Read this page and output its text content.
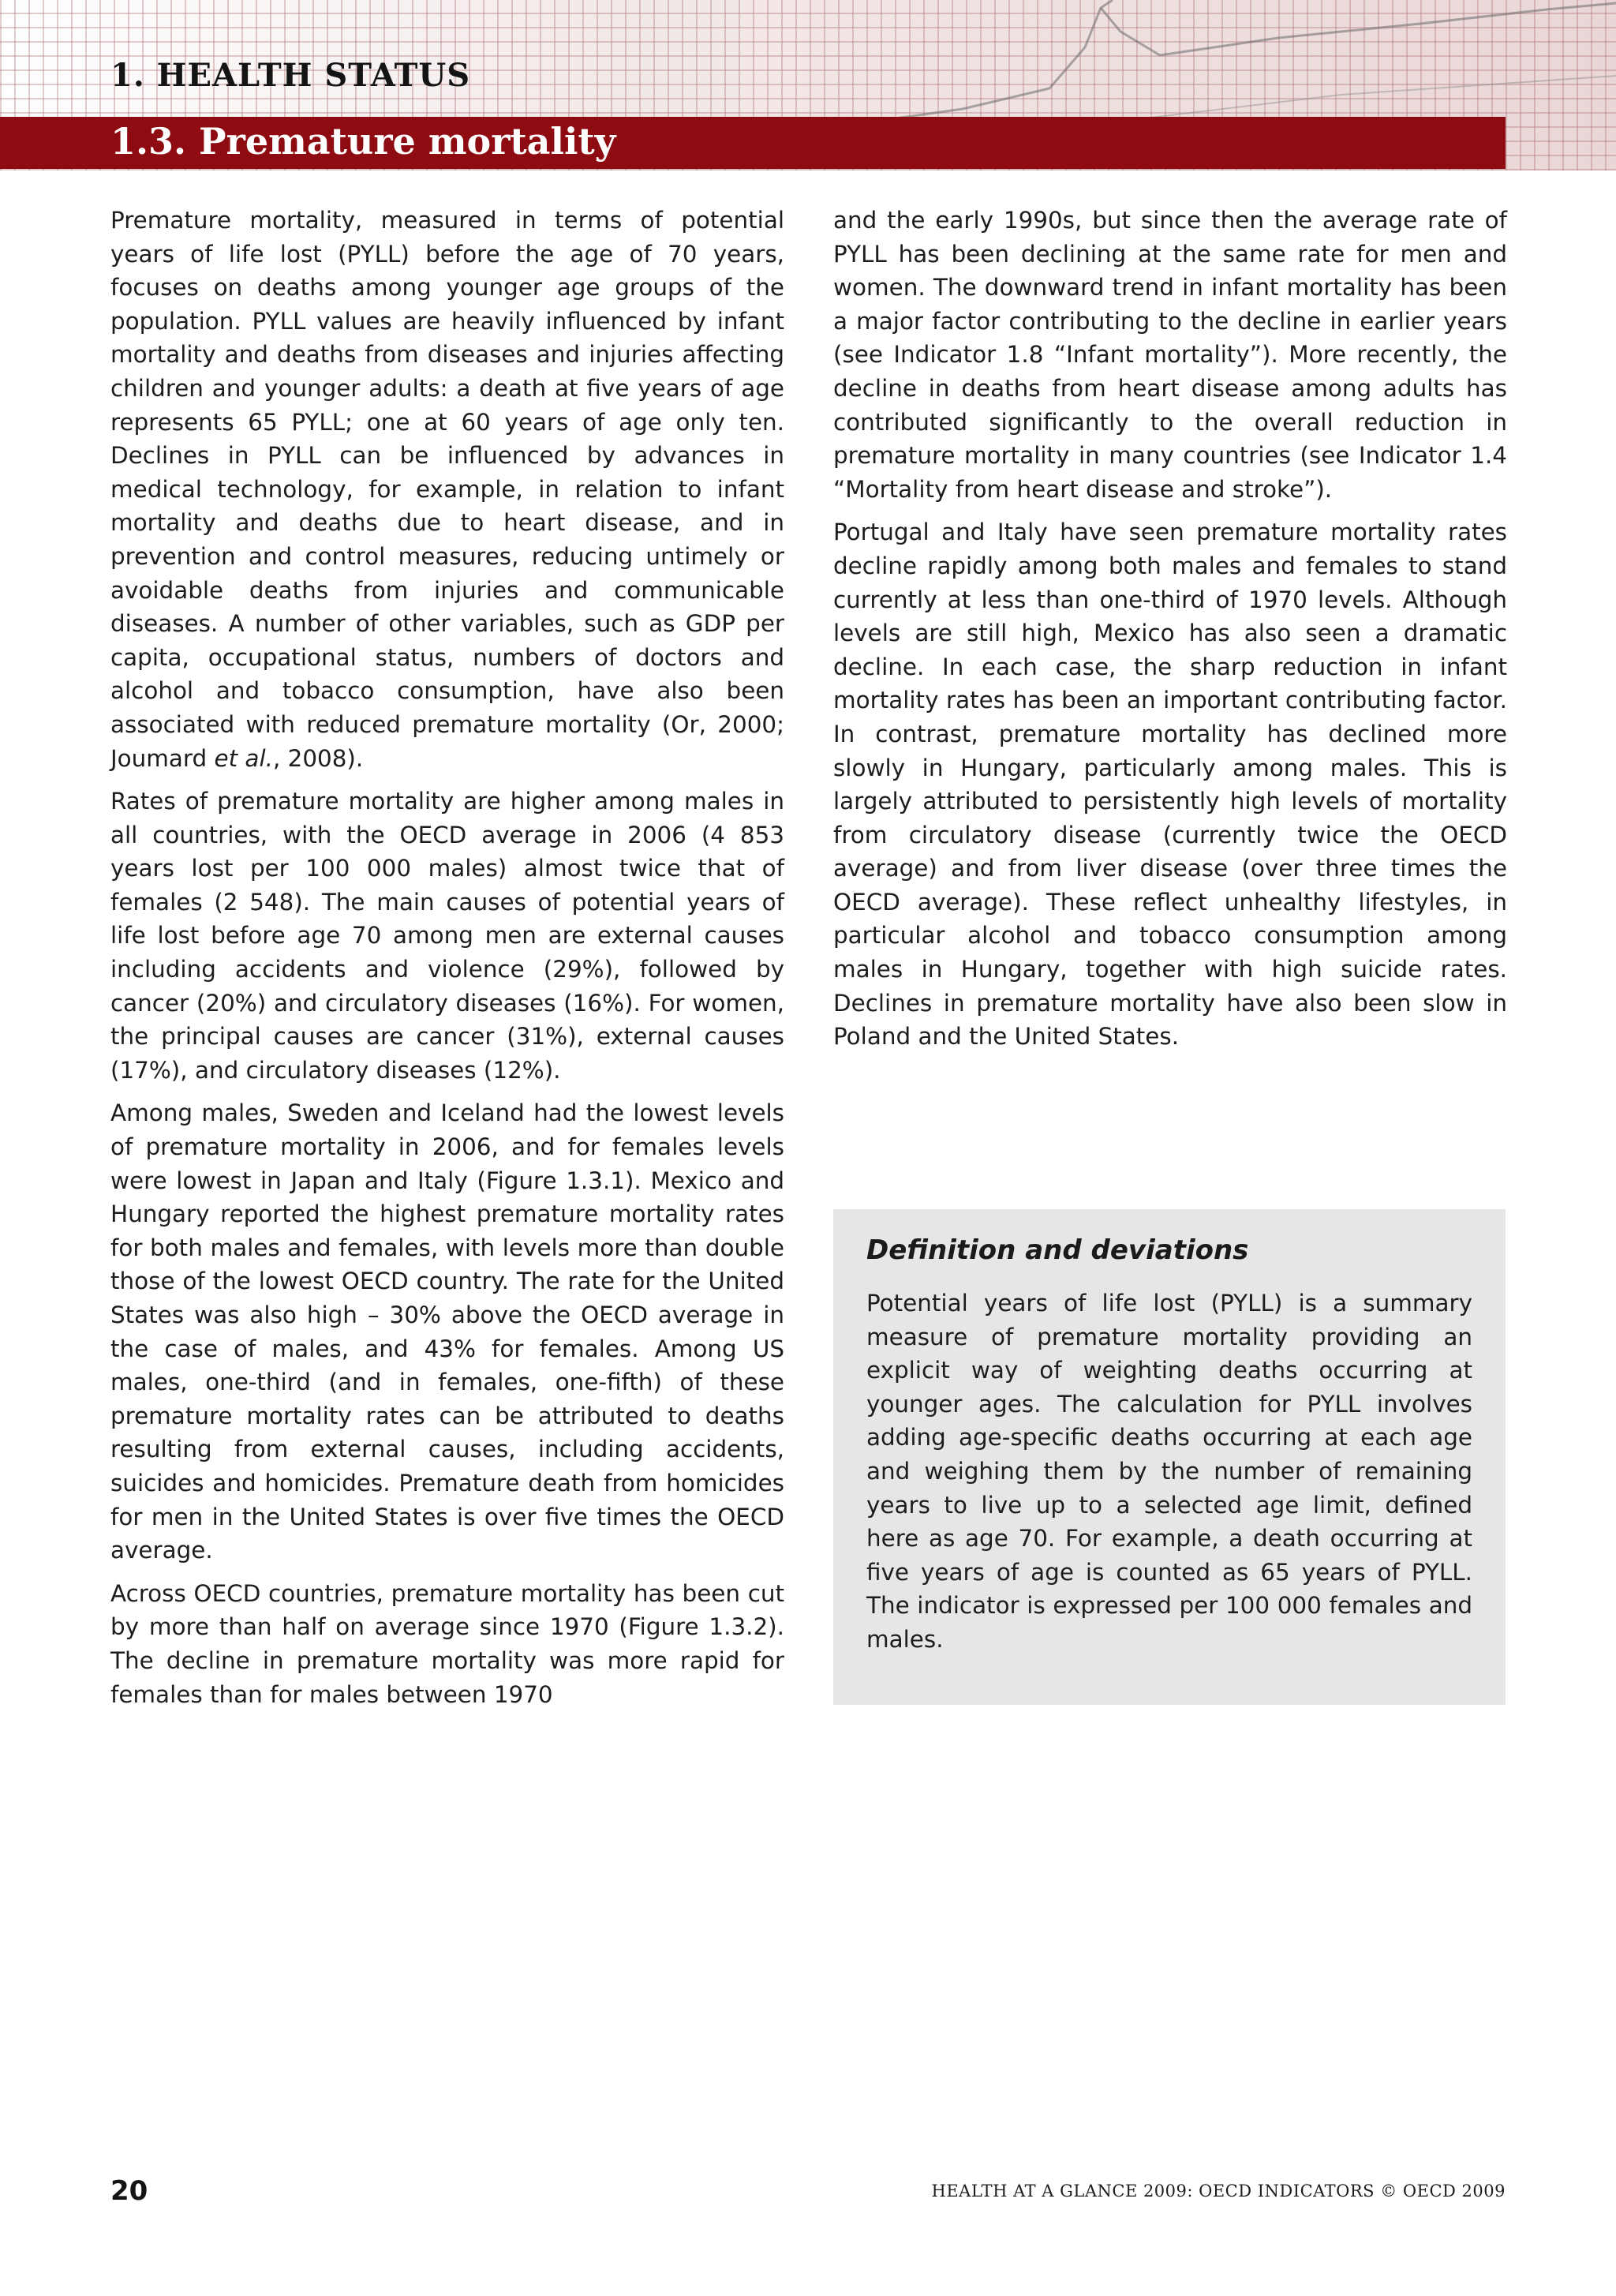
1. HEALTH STATUS
1.3. Premature mortality

Premature mortality, measured in terms of potential years of life lost (PYLL) before the age of 70 years, focuses on deaths among younger age groups of the population. PYLL values are heavily influenced by infant mortality and deaths from diseases and injuries affecting children and younger adults: a death at five years of age represents 65 PYLL; one at 60 years of age only ten. Declines in PYLL can be influenced by advances in medical technology, for example, in relation to infant mortality and deaths due to heart disease, and in prevention and control measures, reducing untimely or avoidable deaths from injuries and communicable diseases. A number of other variables, such as GDP per capita, occupational status, numbers of doctors and alcohol and tobacco consumption, have also been associated with reduced premature mortality (Or, 2000; Joumard et al., 2008).

Rates of premature mortality are higher among males in all countries, with the OECD average in 2006 (4 853 years lost per 100 000 males) almost twice that of females (2 548). The main causes of potential years of life lost before age 70 among men are external causes including accidents and violence (29%), followed by cancer (20%) and circulatory diseases (16%). For women, the principal causes are cancer (31%), external causes (17%), and circulatory diseases (12%).

Among males, Sweden and Iceland had the lowest levels of premature mortality in 2006, and for females levels were lowest in Japan and Italy (Figure 1.3.1). Mexico and Hungary reported the highest premature mortality rates for both males and females, with levels more than double those of the lowest OECD country. The rate for the United States was also high – 30% above the OECD average in the case of males, and 43% for females. Among US males, one-third (and in females, one-fifth) of these premature mortality rates can be attributed to deaths resulting from external causes, including accidents, suicides and homicides. Premature death from homicides for men in the United States is over five times the OECD average.

Across OECD countries, premature mortality has been cut by more than half on average since 1970 (Figure 1.3.2). The decline in premature mortality was more rapid for females than for males between 1970

and the early 1990s, but since then the average rate of PYLL has been declining at the same rate for men and women. The downward trend in infant mortality has been a major factor contributing to the decline in earlier years (see Indicator 1.8 “Infant mortality”). More recently, the decline in deaths from heart disease among adults has contributed significantly to the overall reduction in premature mortality in many countries (see Indicator 1.4 “Mortality from heart disease and stroke”).

Portugal and Italy have seen premature mortality rates decline rapidly among both males and females to stand currently at less than one-third of 1970 levels. Although levels are still high, Mexico has also seen a dramatic decline. In each case, the sharp reduction in infant mortality rates has been an important contributing factor. In contrast, premature mortality has declined more slowly in Hungary, particularly among males. This is largely attributed to persistently high levels of mortality from circulatory disease (currently twice the OECD average) and from liver disease (over three times the OECD average). These reflect unhealthy lifestyles, in particular alcohol and tobacco consumption among males in Hungary, together with high suicide rates. Declines in premature mortality have also been slow in Poland and the United States.

Definition and deviations

Potential years of life lost (PYLL) is a summary measure of premature mortality providing an explicit way of weighting deaths occurring at younger ages. The calculation for PYLL involves adding age-specific deaths occurring at each age and weighing them by the number of remaining years to live up to a selected age limit, defined here as age 70. For example, a death occurring at five years of age is counted as 65 years of PYLL. The indicator is expressed per 100 000 females and males.

20	HEALTH AT A GLANCE 2009: OECD INDICATORS © OECD 2009
